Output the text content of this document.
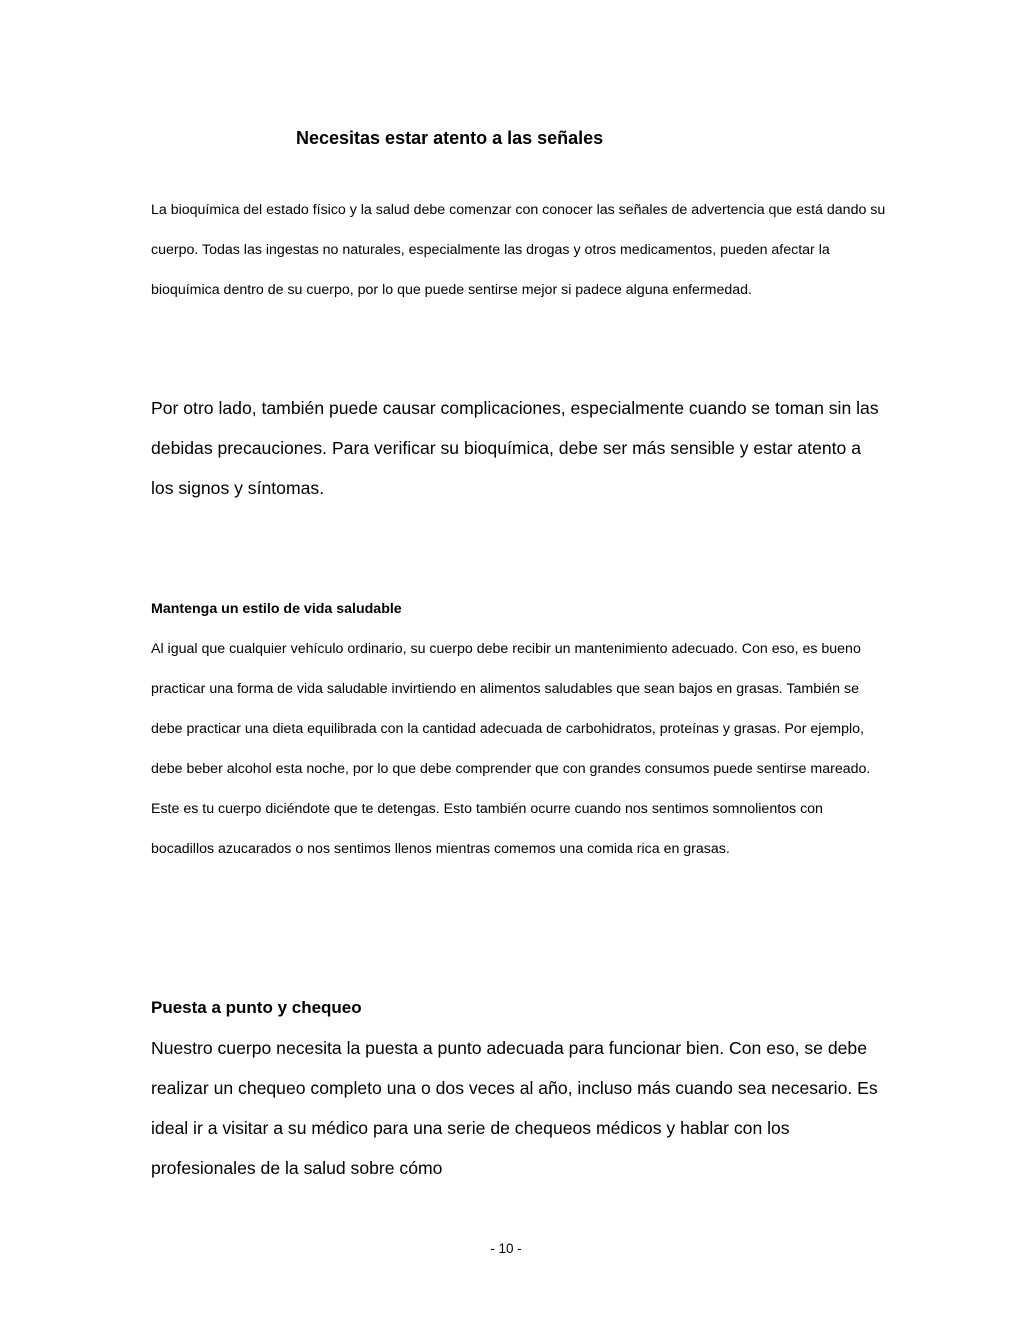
Necesitas estar atento a las señales

La bioquímica del estado físico y la salud debe comenzar con conocer las señales de advertencia que está dando su cuerpo. Todas las ingestas no naturales, especialmente las drogas y otros medicamentos, pueden afectar la bioquímica dentro de su cuerpo, por lo que puede sentirse mejor si padece alguna enfermedad.

Por otro lado, también puede causar complicaciones, especialmente cuando se toman sin las debidas precauciones. Para verificar su bioquímica, debe ser más sensible y estar atento a los signos y síntomas.

Mantenga un estilo de vida saludable

Al igual que cualquier vehículo ordinario, su cuerpo debe recibir un mantenimiento adecuado. Con eso, es bueno practicar una forma de vida saludable invirtiendo en alimentos saludables que sean bajos en grasas. También se debe practicar una dieta equilibrada con la cantidad adecuada de carbohidratos, proteínas y grasas. Por ejemplo, debe beber alcohol esta noche, por lo que debe comprender que con grandes consumos puede sentirse mareado. Este es tu cuerpo diciéndote que te detengas. Esto también ocurre cuando nos sentimos somnolientos con bocadillos azucarados o nos sentimos llenos mientras comemos una comida rica en grasas.

Puesta a punto y chequeo

Nuestro cuerpo necesita la puesta a punto adecuada para funcionar bien. Con eso, se debe realizar un chequeo completo una o dos veces al año, incluso más cuando sea necesario. Es ideal ir a visitar a su médico para una serie de chequeos médicos y hablar con los profesionales de la salud sobre cómo

- 10 -
